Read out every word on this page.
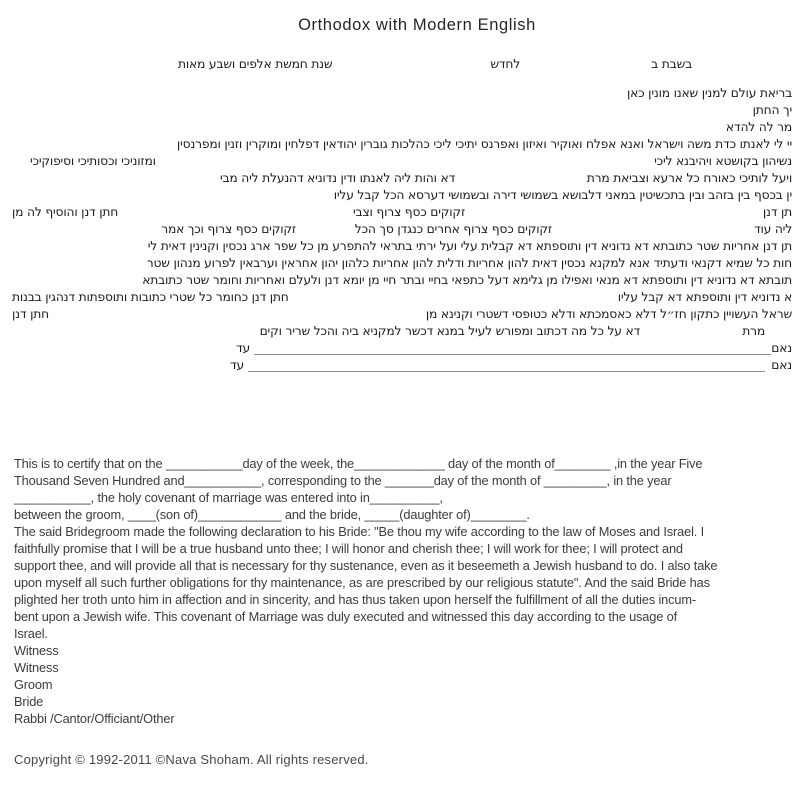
Orthodox with Modern English
בשבת ב
לחדש
שנת חמשת אלפים ושבע מאות
בריאת עולם למנין שאנו מונין כאן
יך החתן
מר לה להדא
יי לי לאנתו כדת משה וישראל ואנא אפלח ואוקיר ואיזון ואפרנס יתיכי ליכי כהלכות גוברין יהודאין דפלחין ומוקרין וזנין ומפרנסין
נשיהון בקושטא ויהיבנא ליכי
ומזוניכי וכסותיכי וסיפוקיכי
ויעל לותיכי כאורח כל ארעא וצביאת מרת
דא והות ליה לאנתו ודין נדוניא דהנעלת ליה מבי
ין בכסף בין בזהב ובין בתכשיטין במאני דלבושא בשמושי דירה ובשמושי דערסא הכל קבל עליו
תן דנן
זקוקים כסף צרוף וצבי
חתן דנן והוסיף לה מן
ליה עוד
זקוקים כסף צרוף אחרים כנגדן סך הכל
זקוקים כסף צרוף וכך אמר
תן דנן אחריות שטר כתובתא דא נדוניא דין ותוספתא דא קבלית עלי ועל ירתי בתראי להתפרע מן כל שפר ארג נכסין וקנינין דאית לי
חות כל שמיא דקנאי ודעתיד אנא למקנא נכסין דאית להון אחריות ודלית להון אחריות כלהון יהון אחראין וערבאין לפרוע מנהון שטר
תובתא דא נדוניא דין ותוספתא דא מנאי ואפילו מן גלימא דעל כתפאי בחיי ובתר חיי מן יומא דנן ולעלם ואחריות וחומר שטר כתובתא
א נדוניא דין ותוספתא דא קבל עליו
חתן דנן כחומר כל שטרי כתובות ותוספתות דנהגין בבנות
שראל העשויין כתקון חז״ל דלא כאסמכתא ודלא כטופסי דשטרי וקנינא מן
חתן דנן
מרת
דא על כל מה דכתוב ומפורש לעיל במנא דכשר למקניא ביה והכל שריר וקים
נאם
עד
נאם
עד
This is to certify that on the ___________day of the week, the_____________ day of the month of________ ,in the year Five
Thousand Seven Hundred and___________, corresponding to the _______day of the month of _________, in the year
___________, the holy covenant of marriage was entered into in__________,
between the groom, ____(son of)____________ and the bride, _____(daughter of)________.
The said Bridegroom made the following declaration to his Bride: "Be thou my wife according to the law of Moses and Israel. I
faithfully promise that I will be a true husband unto thee; I will honor and cherish thee; I will work for thee; I will protect and
support thee, and will provide all that is necessary for thy sustenance, even as it beseemeth a Jewish husband to do. I also take
upon myself all such further obligations for thy maintenance, as are prescribed by our religious statute". And the said Bride has
plighted her troth unto him in affection and in sincerity, and has thus taken upon herself the fulfillment of all the duties incum-
bent upon a Jewish wife. This covenant of Marriage was duly executed and witnessed this day according to the usage of
Israel.
Witness
Witness
Groom
Bride
Rabbi /Cantor/Officiant/Other
Copyright © 1992-2011 ©Nava Shoham. All rights reserved.
